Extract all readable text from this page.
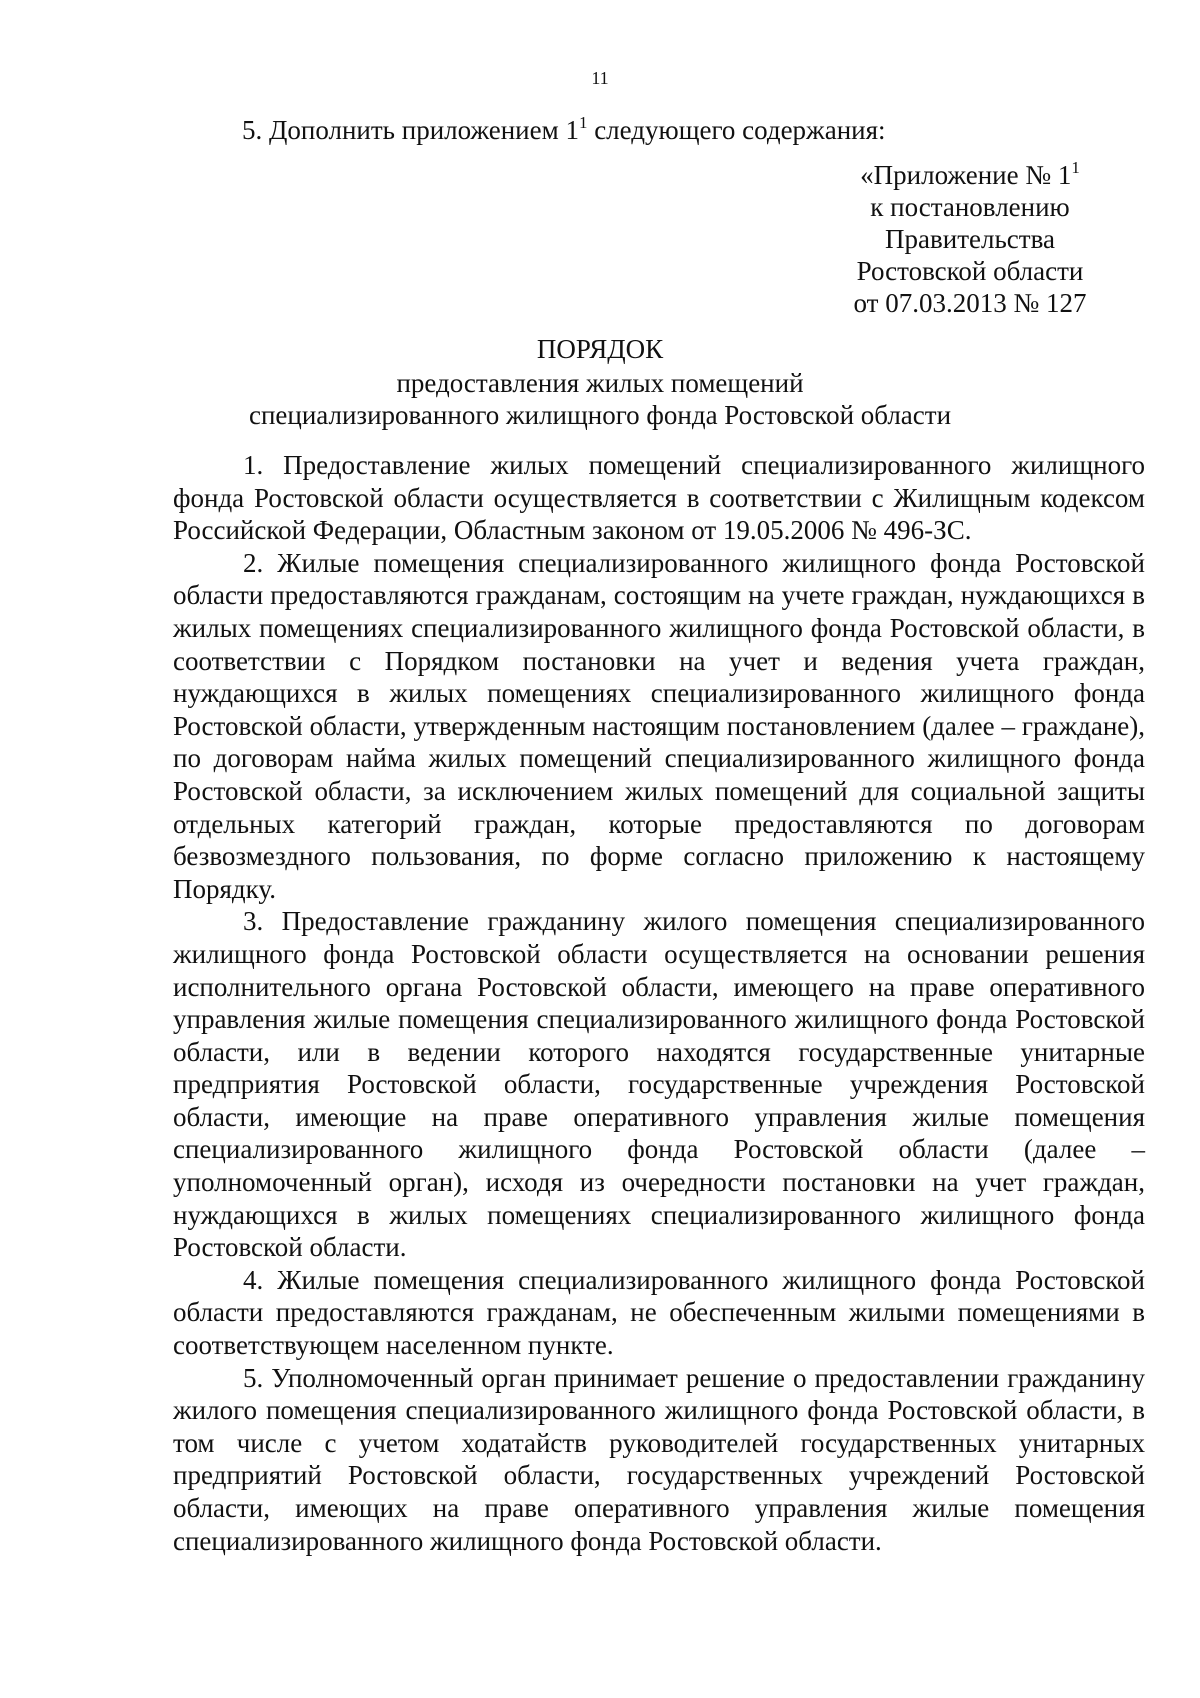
11
5. Дополнить приложением $1^1$ следующего содержания:
«Приложение № $1^1$
к постановлению
Правительства
Ростовской области
от 07.03.2013 № 127
ПОРЯДОК
предоставления жилых помещений
специализированного жилищного фонда Ростовской области

1. Предоставление жилых помещений специализированного жилищного фонда Ростовской области осуществляется в соответствии с Жилищным кодексом Российской Федерации, Областным законом от 19.05.2006 № 496-ЗС.

2. Жилые помещения специализированного жилищного фонда Ростовской области предоставляются гражданам, состоящим на учете граждан, нуждающихся в жилых помещениях специализированного жилищного фонда Ростовской области, в соответствии с Порядком постановки на учет и ведения учета граждан, нуждающихся в жилых помещениях специализированного жилищного фонда Ростовской области, утвержденным настоящим постановлением (далее – граждане), по договорам найма жилых помещений специализированного жилищного фонда Ростовской области, за исключением жилых помещений для социальной защиты отдельных категорий граждан, которые предоставляются по договорам безвозмездного пользования, по форме согласно приложению к настоящему Порядку.

3. Предоставление гражданину жилого помещения специализированного жилищного фонда Ростовской области осуществляется на основании решения исполнительного органа Ростовской области, имеющего на праве оперативного управления жилые помещения специализированного жилищного фонда Ростовской области, или в ведении которого находятся государственные унитарные предприятия Ростовской области, государственные учреждения Ростовской области, имеющие на праве оперативного управления жилые помещения специализированного жилищного фонда Ростовской области (далее – уполномоченный орган), исходя из очередности постановки на учет граждан, нуждающихся в жилых помещениях специализированного жилищного фонда Ростовской области.

4. Жилые помещения специализированного жилищного фонда Ростовской области предоставляются гражданам, не обеспеченным жилыми помещениями в соответствующем населенном пункте.

5. Уполномоченный орган принимает решение о предоставлении гражданину жилого помещения специализированного жилищного фонда Ростовской области, в том числе с учетом ходатайств руководителей государственных унитарных предприятий Ростовской области, государственных учреждений Ростовской области, имеющих на праве оперативного управления жилые помещения специализированного жилищного фонда Ростовской области.
